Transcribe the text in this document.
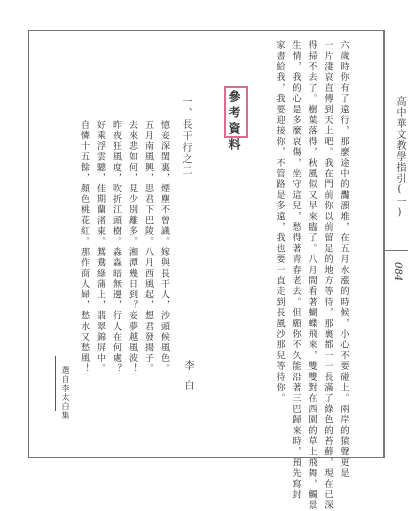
高中華文教學指引(一)
084
六歲時你有了遠行，那麼途中的灩澦堆，在五月水漲的時候，小心不要碰上。兩岸的猿聲更是
一片淒哀直傳到天上吧。我在門前你以前留足的地方等待，那裏都一一長滿了綠色的苔蘚，現在已深
得掃不去了。樹葉落得，秋風似又早來臨了。八月間看著蝴蝶飛來，雙雙對在西園的草上飛舞，觸景
生情，我的心是多麼哀傷，坐守這兒，愁得著青春老去。但願你不久能沿著三巴歸來時，預先寫封
家書給我，我要迎接你，不管路是多遠，我也要一直走到長風沙那兒等待你。
參考資料
一、長干行之二
憶妾深閨裏，煙塵不曾識。嫁與長干人，沙頭候風色。
五月南風興，思君下巴陵。八月西風起，想君發揚子。
去來悲如何，見少別離多。湘潭幾日到？妾夢越風波！
昨夜狂風度，吹折江頭樹。淼淼暗無邊，行人在何處？
好乘浮雲驄，佳期蘭渚東。鴛鴦綠蒲上，翡翠錦屏中。
自憐十五餘，顏色桃花紅。那作商人婦，愁水又愁風！
李白
選自李太白集
